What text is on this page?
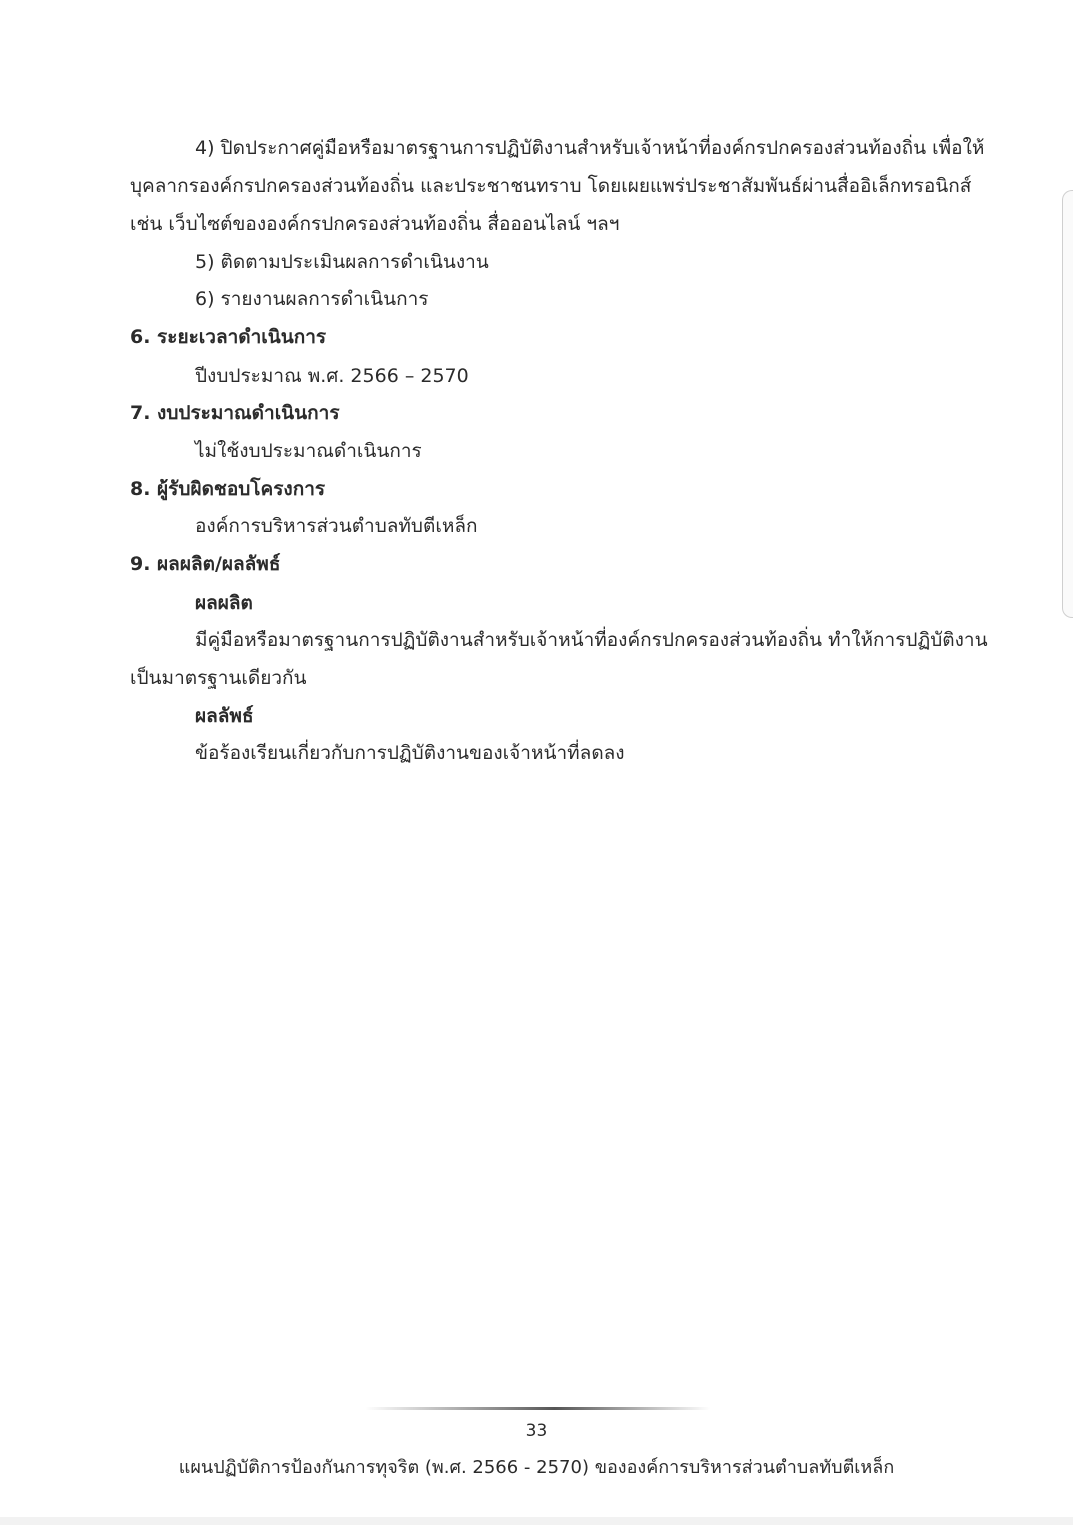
4) ปิดประกาศคู่มือหรือมาตรฐานการปฏิบัติงานสำหรับเจ้าหน้าที่องค์กรปกครองส่วนท้องถิ่น เพื่อให้
บุคลากรองค์กรปกครองส่วนท้องถิ่น และประชาชนทราบ โดยเผยแพร่ประชาสัมพันธ์ผ่านสื่ออิเล็กทรอนิกส์
เช่น เว็บไซต์ขององค์กรปกครองส่วนท้องถิ่น สื่อออนไลน์ ฯลฯ
5) ติดตามประเมินผลการดำเนินงาน
6) รายงานผลการดำเนินการ
6. ระยะเวลาดำเนินการ
ปีงบประมาณ พ.ศ. 2566 – 2570
7. งบประมาณดำเนินการ
ไม่ใช้งบประมาณดำเนินการ
8. ผู้รับผิดชอบโครงการ
องค์การบริหารส่วนตำบลทับตีเหล็ก
9. ผลผลิต/ผลลัพธ์
ผลผลิต
มีคู่มือหรือมาตรฐานการปฏิบัติงานสำหรับเจ้าหน้าที่องค์กรปกครองส่วนท้องถิ่น ทำให้การปฏิบัติงาน
เป็นมาตรฐานเดียวกัน
ผลลัพธ์
ข้อร้องเรียนเกี่ยวกับการปฏิบัติงานของเจ้าหน้าที่ลดลง
33
แผนปฏิบัติการป้องกันการทุจริต (พ.ศ. 2566 - 2570) ขององค์การบริหารส่วนตำบลทับตีเหล็ก
